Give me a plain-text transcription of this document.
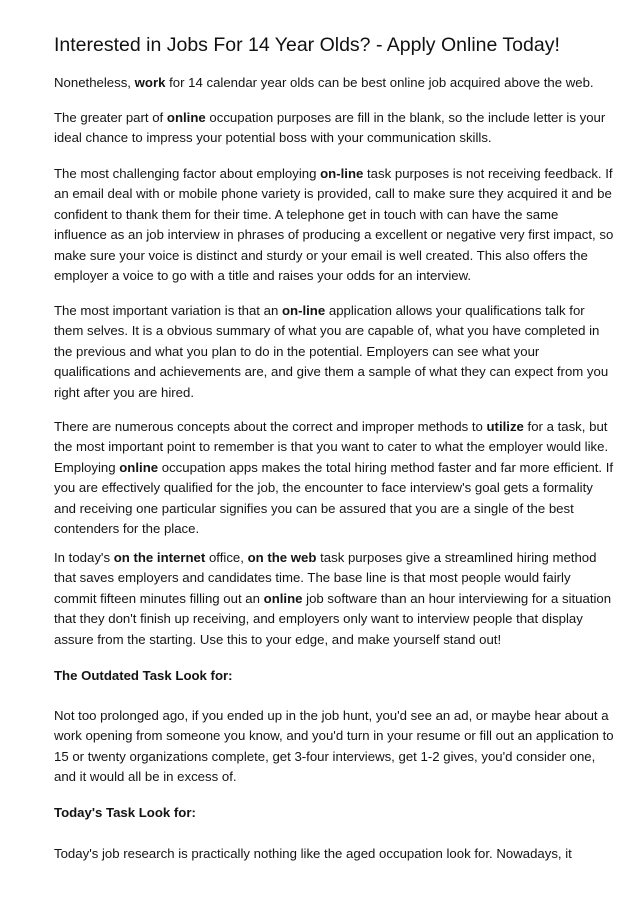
Interested in Jobs For 14 Year Olds? - Apply Online Today!

Nonetheless, work for 14 calendar year olds can be best online job acquired above the web.

The greater part of online occupation purposes are fill in the blank, so the include letter is your ideal chance to impress your potential boss with your communication skills.

The most challenging factor about employing on-line task purposes is not receiving feedback. If an email deal with or mobile phone variety is provided, call to make sure they acquired it and be confident to thank them for their time. A telephone get in touch with can have the same influence as an job interview in phrases of producing a excellent or negative very first impact, so make sure your voice is distinct and sturdy or your email is well created. This also offers the employer a voice to go with a title and raises your odds for an interview.

The most important variation is that an on-line application allows your qualifications talk for them selves. It is a obvious summary of what you are capable of, what you have completed in the previous and what you plan to do in the potential. Employers can see what your qualifications and achievements are, and give them a sample of what they can expect from you right after you are hired.

There are numerous concepts about the correct and improper methods to utilize for a task, but the most important point to remember is that you want to cater to what the employer would like. Employing online occupation apps makes the total hiring method faster and far more efficient. If you are effectively qualified for the job, the encounter to face interview's goal gets a formality and receiving one particular signifies you can be assured that you are a single of the best contenders for the place.

In today's on the internet office, on the web task purposes give a streamlined hiring method that saves employers and candidates time. The base line is that most people would fairly commit fifteen minutes filling out an online job software than an hour interviewing for a situation that they don't finish up receiving, and employers only want to interview people that display assure from the starting. Use this to your edge, and make yourself stand out!

The Outdated Task Look for:

Not too prolonged ago, if you ended up in the job hunt, you'd see an ad, or maybe hear about a work opening from someone you know, and you'd turn in your resume or fill out an application to 15 or twenty organizations complete, get 3-four interviews, get 1-2 gives, you'd consider one, and it would all be in excess of.

Today's Task Look for:

Today's job research is practically nothing like the aged occupation look for. Nowadays, it
